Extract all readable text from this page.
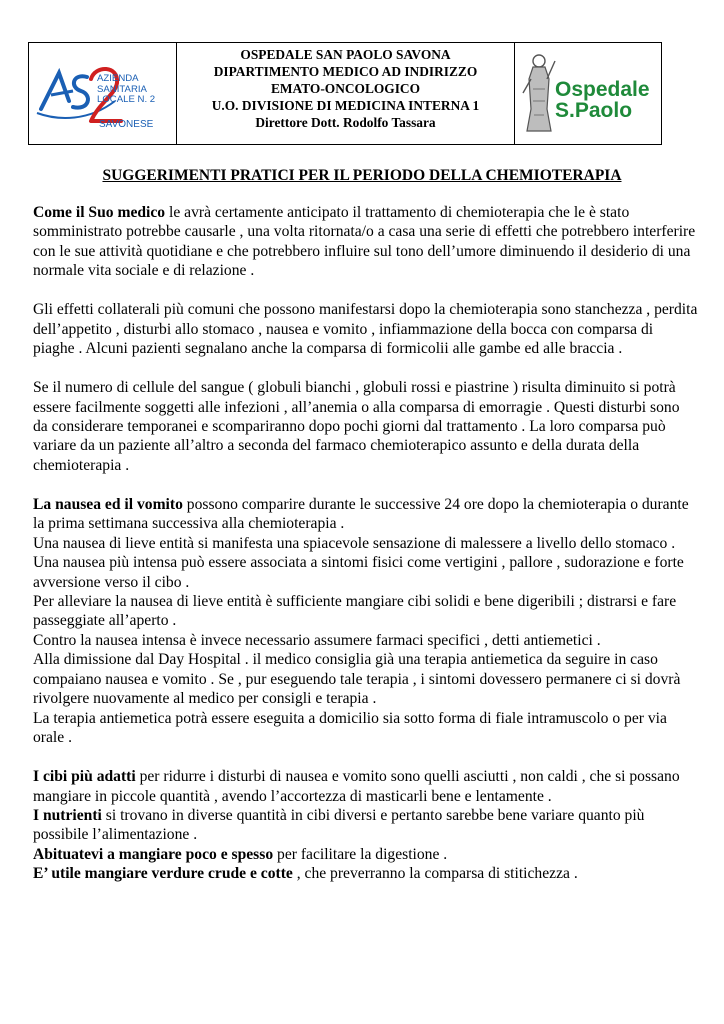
AZIENDA
SANITARIA
LOCALE N. 2
SAVONESE
OSPEDALE SAN PAOLO SAVONA
DIPARTIMENTO MEDICO AD INDIRIZZO
EMATO-ONCOLOGICO
U.O. DIVISIONE DI MEDICINA INTERNA 1
Direttore Dott. Rodolfo Tassara
Ospedale
S.Paolo
SUGGERIMENTI PRATICI PER IL PERIODO DELLA CHEMIOTERAPIA

Come il Suo medico le avrà certamente anticipato il trattamento di chemioterapia che le è stato somministrato potrebbe causarle , una volta ritornata/o a casa una serie di effetti che potrebbero interferire con le sue attività quotidiane e che potrebbero influire sul tono dell’umore diminuendo il desiderio di una normale vita sociale e di relazione .

Gli effetti collaterali più comuni che possono manifestarsi dopo la chemioterapia sono stanchezza , perdita dell’appetito , disturbi allo stomaco , nausea e vomito , infiammazione della bocca con comparsa di piaghe . Alcuni pazienti segnalano anche la comparsa di formicolii alle gambe ed alle braccia .

Se il numero di cellule del sangue ( globuli bianchi , globuli rossi e piastrine ) risulta diminuito si potrà essere facilmente soggetti alle infezioni , all’anemia o alla comparsa di emorragie . Questi disturbi sono da considerare temporanei e scompariranno dopo pochi giorni dal trattamento . La loro comparsa può variare da un paziente all’altro a seconda del farmaco chemioterapico assunto e della durata della chemioterapia .

La nausea ed il vomito possono comparire durante le successive 24 ore dopo la chemioterapia o durante la prima settimana successiva alla chemioterapia .

Una nausea di lieve entità si manifesta una spiacevole sensazione di malessere a livello dello stomaco .

Una nausea più intensa può essere associata a sintomi fisici come vertigini , pallore , sudorazione e forte avversione verso il cibo .

Per alleviare la nausea di lieve entità è sufficiente mangiare cibi solidi e bene digeribili ; distrarsi e fare passeggiate all’aperto .

Contro la nausea intensa è invece necessario assumere farmaci specifici , detti antiemetici .

Alla dimissione dal Day Hospital . il medico consiglia già una terapia antiemetica da seguire in caso compaiano nausea e vomito . Se , pur eseguendo tale terapia , i sintomi dovessero permanere ci si dovrà rivolgere nuovamente al medico per consigli e terapia .

La terapia antiemetica potrà essere eseguita a domicilio sia sotto forma di fiale intramuscolo o per via orale .

I cibi più adatti per ridurre i disturbi di nausea e vomito sono quelli asciutti , non caldi , che si possano mangiare in piccole quantità , avendo l’accortezza di masticarli bene e lentamente .

I nutrienti si trovano in diverse quantità in cibi diversi e pertanto sarebbe bene variare quanto più possibile l’alimentazione .

Abituatevi a mangiare poco e spesso per facilitare la digestione .

E’ utile mangiare verdure crude e cotte , che preverranno la comparsa di stitichezza .
